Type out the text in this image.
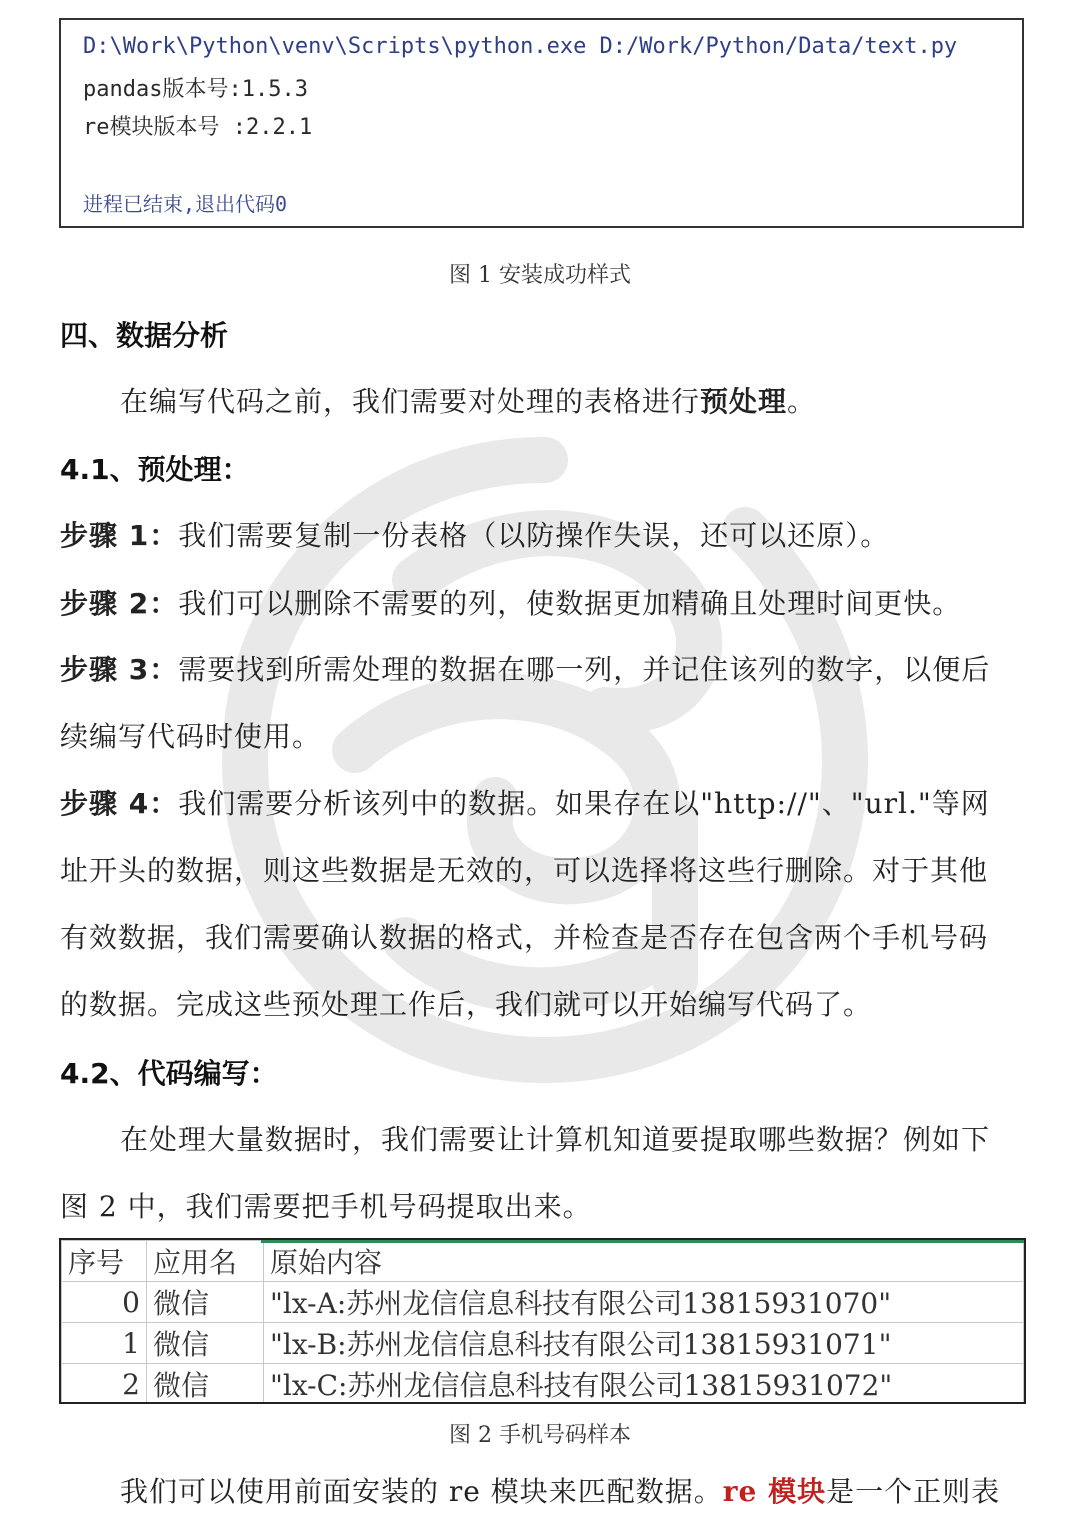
D:\Work\Python\venv\Scripts\python.exe D:/Work/Python/Data/text.py
pandas版本号:1.5.3
re模块版本号 :2.2.1
进程已结束,退出代码0
图 1 安装成功样式
四、数据分析
在编写代码之前，我们需要对处理的表格进行预处理。
4.1、预处理：
步骤 1：我们需要复制一份表格（以防操作失误，还可以还原）。
步骤 2：我们可以删除不需要的列，使数据更加精确且处理时间更快。
步骤 3：需要找到所需处理的数据在哪一列，并记住该列的数字，以便后
续编写代码时使用。
步骤 4：我们需要分析该列中的数据。如果存在以"http://"、"url."等网
址开头的数据，则这些数据是无效的，可以选择将这些行删除。对于其他
有效数据，我们需要确认数据的格式，并检查是否存在包含两个手机号码
的数据。完成这些预处理工作后，我们就可以开始编写代码了。
4.2、代码编写：
在处理大量数据时，我们需要让计算机知道要提取哪些数据？例如下
图 2 中，我们需要把手机号码提取出来。
序号	应用名	原始内容
0	微信	"lx-A:苏州龙信信息科技有限公司13815931070"
1	微信	"lx-B:苏州龙信信息科技有限公司13815931071"
2	微信	"lx-C:苏州龙信信息科技有限公司13815931072"
图 2 手机号码样本
我们可以使用前面安装的 re 模块来匹配数据。re 模块是一个正则表
